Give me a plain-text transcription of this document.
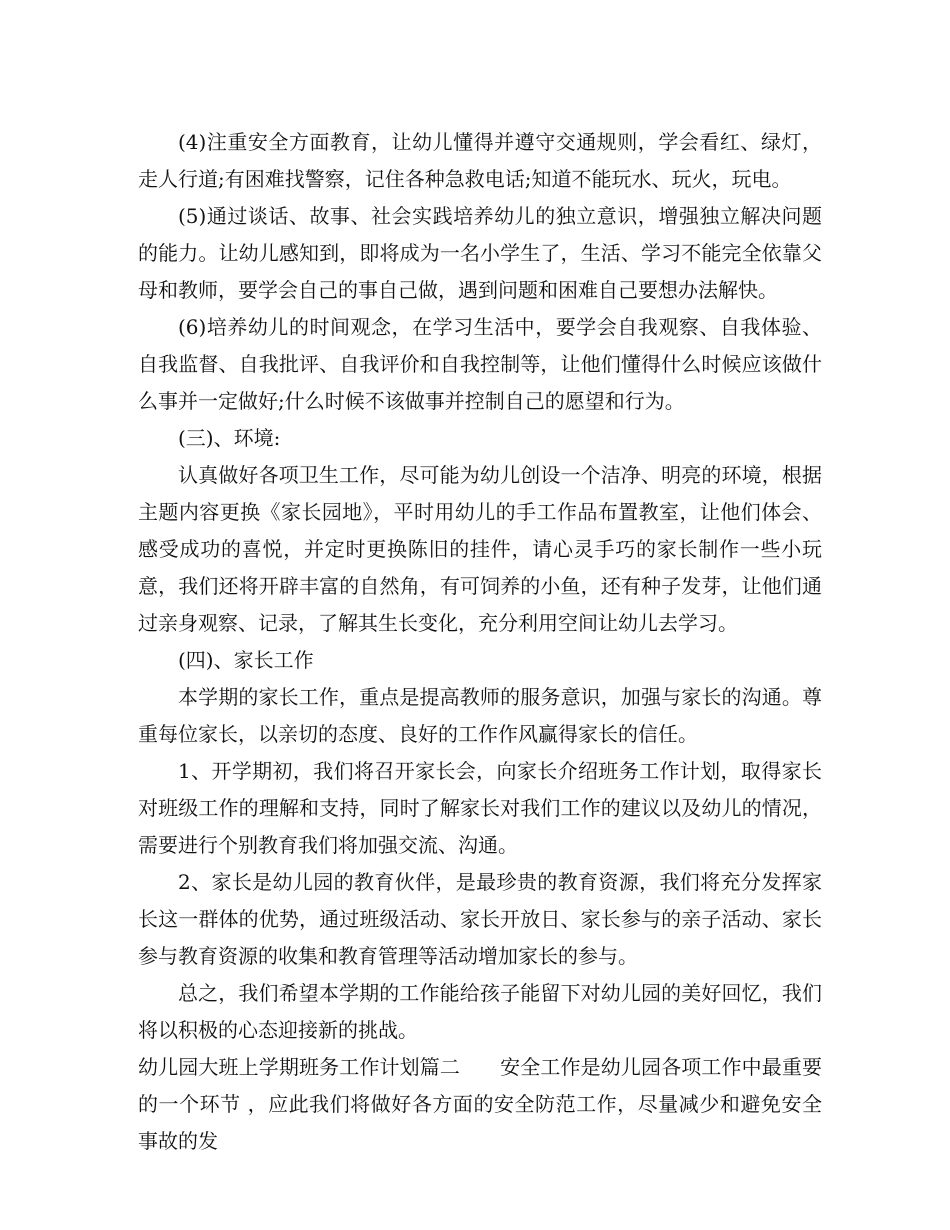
(4)注重安全方面教育，让幼儿懂得并遵守交通规则，学会看红、绿灯，走人行道;有困难找警察，记住各种急救电话;知道不能玩水、玩火，玩电。

(5)通过谈话、故事、社会实践培养幼儿的独立意识，增强独立解决问题的能力。让幼儿感知到，即将成为一名小学生了，生活、学习不能完全依靠父母和教师，要学会自己的事自己做，遇到问题和困难自己要想办法解快。

(6)培养幼儿的时间观念，在学习生活中，要学会自我观察、自我体验、自我监督、自我批评、自我评价和自我控制等，让他们懂得什么时候应该做什么事并一定做好;什么时候不该做事并控制自己的愿望和行为。

(三)、环境:

认真做好各项卫生工作，尽可能为幼儿创设一个洁净、明亮的环境，根据主题内容更换《家长园地》，平时用幼儿的手工作品布置教室，让他们体会、感受成功的喜悦，并定时更换陈旧的挂件，请心灵手巧的家长制作一些小玩意，我们还将开辟丰富的自然角，有可饲养的小鱼，还有种子发芽，让他们通过亲身观察、记录，了解其生长变化，充分利用空间让幼儿去学习。

(四)、家长工作

本学期的家长工作，重点是提高教师的服务意识，加强与家长的沟通。尊重每位家长，以亲切的态度、良好的工作作风赢得家长的信任。

1、开学期初，我们将召开家长会，向家长介绍班务工作计划，取得家长对班级工作的理解和支持，同时了解家长对我们工作的建议以及幼儿的情况，需要进行个别教育我们将加强交流、沟通。

2、家长是幼儿园的教育伙伴，是最珍贵的教育资源，我们将充分发挥家长这一群体的优势，通过班级活动、家长开放日、家长参与的亲子活动、家长参与教育资源的收集和教育管理等活动增加家长的参与。

总之，我们希望本学期的工作能给孩子能留下对幼儿园的美好回忆，我们将以积极的心态迎接新的挑战。

幼儿园大班上学期班务工作计划篇二 安全工作是幼儿园各项工作中最重要的一个环节 ，应此我们将做好各方面的安全防范工作，尽量减少和避免安全事故的发
